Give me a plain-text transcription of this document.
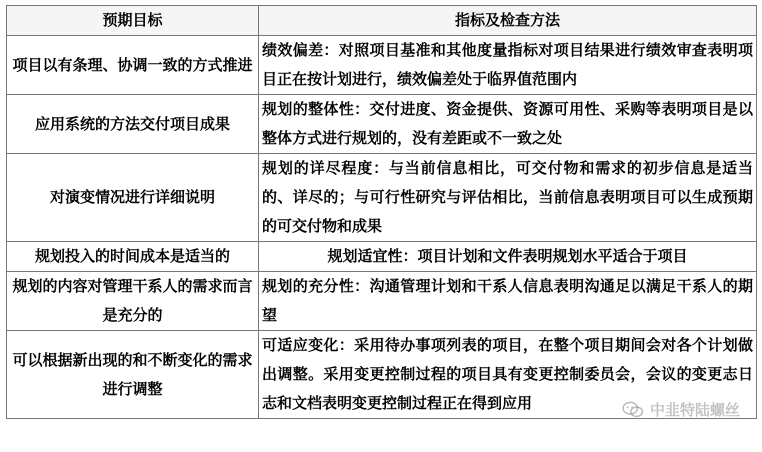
预期目标	指标及检查方法
项目以有条理、协调一致的方式推进	绩效偏差：对照项目基准和其他度量指标对项目结果进行绩效审查表明项目正在按计划进行，绩效偏差处于临界值范围内
应用系统的方法交付项目成果	规划的整体性：交付进度、资金提供、资源可用性、采购等表明项目是以整体方式进行规划的，没有差距或不一致之处
对演变情况进行详细说明	规划的详尽程度：与当前信息相比，可交付物和需求的初步信息是适当的、详尽的；与可行性研究与评估相比，当前信息表明项目可以生成预期的可交付物和成果
规划投入的时间成本是适当的	规划适宜性：项目计划和文件表明规划水平适合于项目
规划的内容对管理干系人的需求而言是充分的	规划的充分性：沟通管理计划和干系人信息表明沟通足以满足干系人的期望
可以根据新出现的和不断变化的需求进行调整	可适应变化：采用待办事项列表的项目，在整个项目期间会对各个计划做出调整。采用变更控制过程的项目具有变更控制委员会，会议的变更志日志和文档表明变更控制过程正在得到应用	中韭特陆螺丝
